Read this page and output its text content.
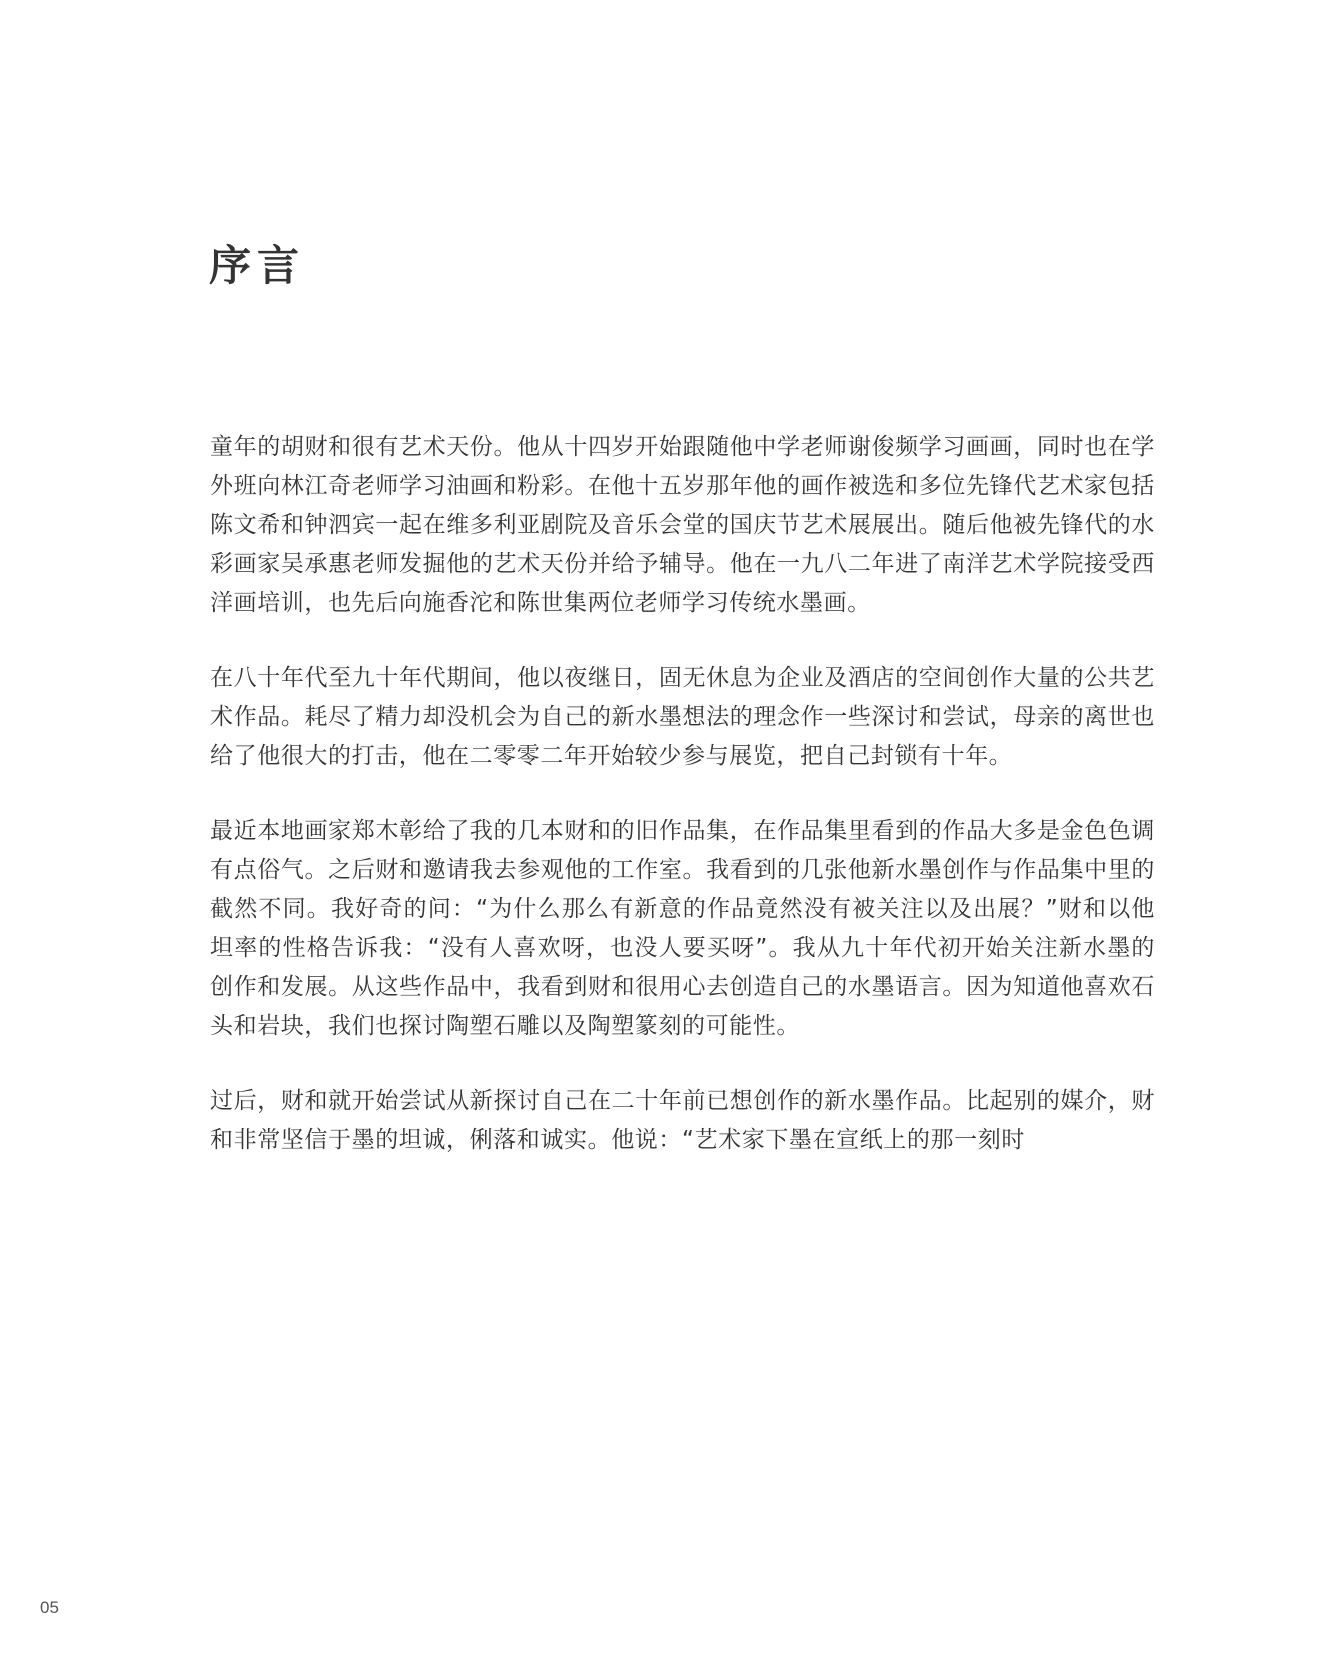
序言

童年的胡财和很有艺术天份。他从十四岁开始跟随他中学老师谢俊频学习画画，同时也在学外班向林江奇老师学习油画和粉彩。在他十五岁那年他的画作被选和多位先锋代艺术家包括陈文希和钟泗宾一起在维多利亚剧院及音乐会堂的国庆节艺术展展出。随后他被先锋代的水彩画家吴承惠老师发掘他的艺术天份并给予辅导。他在一九八二年进了南洋艺术学院接受西洋画培训，也先后向施香沱和陈世集两位老师学习传统水墨画。

在八十年代至九十年代期间，他以夜继日，固无休息为企业及酒店的空间创作大量的公共艺术作品。耗尽了精力却没机会为自己的新水墨想法的理念作一些深讨和尝试，母亲的离世也给了他很大的打击，他在二零零二年开始较少参与展览，把自己封锁有十年。

最近本地画家郑木彰给了我的几本财和的旧作品集，在作品集里看到的作品大多是金色色调有点俗气。之后财和邀请我去参观他的工作室。我看到的几张他新水墨创作与作品集中里的截然不同。我好奇的问：“为什么那么有新意的作品竟然没有被关注以及出展？”财和以他坦率的性格告诉我：“没有人喜欢呀，也没人要买呀”。我从九十年代初开始关注新水墨的创作和发展。从这些作品中，我看到财和很用心去创造自己的水墨语言。因为知道他喜欢石头和岩块，我们也探讨陶塑石雕以及陶塑篆刻的可能性。

过后，财和就开始尝试从新探讨自己在二十年前已想创作的新水墨作品。比起别的媒介，财和非常坚信于墨的坦诚，俐落和诚实。他说：“艺术家下墨在宣纸上的那一刻时

05
